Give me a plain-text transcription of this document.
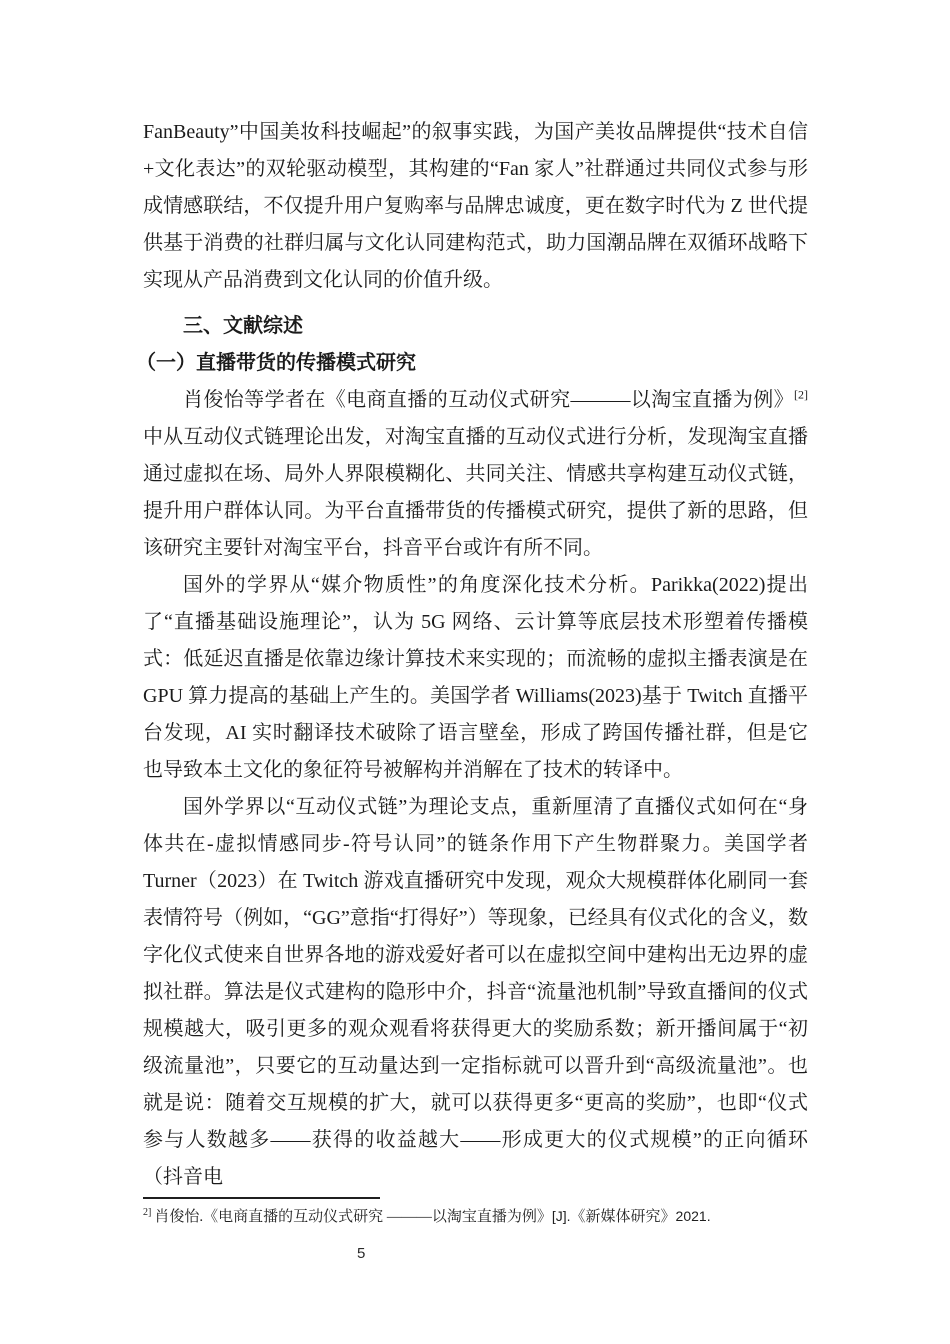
FanBeauty”中国美妆科技崛起”的叙事实践，为国产美妆品牌提供“技术自信+文化表达”的双轮驱动模型，其构建的“Fan 家人”社群通过共同仪式参与形成情感联结，不仅提升用户复购率与品牌忠诚度，更在数字时代为 Z 世代提供基于消费的社群归属与文化认同建构范式，助力国潮品牌在双循环战略下实现从产品消费到文化认同的价值升级。

三、文献综述
（一）直播带货的传播模式研究

肖俊怡等学者在《电商直播的互动仪式研究———以淘宝直播为例》[2]中从互动仪式链理论出发，对淘宝直播的互动仪式进行分析，发现淘宝直播通过虚拟在场、局外人界限模糊化、共同关注、情感共享构建互动仪式链，提升用户群体认同。为平台直播带货的传播模式研究，提供了新的思路，但该研究主要针对淘宝平台，抖音平台或许有所不同。

国外的学界从“媒介物质性”的角度深化技术分析。Parikka(2022)提出了“直播基础设施理论”，认为 5G 网络、云计算等底层技术形塑着传播模式：低延迟直播是依靠边缘计算技术来实现的；而流畅的虚拟主播表演是在 GPU 算力提高的基础上产生的。美国学者 Williams(2023)基于 Twitch 直播平台发现，AI 实时翻译技术破除了语言壁垒，形成了跨国传播社群，但是它也导致本土文化的象征符号被解构并消解在了技术的转译中。

国外学界以“互动仪式链”为理论支点，重新厘清了直播仪式如何在“身体共在-虚拟情感同步-符号认同”的链条作用下产生物群聚力。美国学者Turner（2023）在 Twitch 游戏直播研究中发现，观众大规模群体化刷同一套表情符号（例如，“GG”意指“打得好”）等现象，已经具有仪式化的含义，数字化仪式使来自世界各地的游戏爱好者可以在虚拟空间中建构出无边界的虚拟社群。算法是仪式建构的隐形中介，抖音“流量池机制”导致直播间的仪式规模越大，吸引更多的观众观看将获得更大的奖励系数；新开播间属于“初级流量池”，只要它的互动量达到一定指标就可以晋升到“高级流量池”。也就是说：随着交互规模的扩大，就可以获得更多“更高的奖励”，也即“仪式参与人数越多——获得的收益越大——形成更大的仪式规模”的正向循环（抖音电

$^{2]}$ 肖俊怡.《电商直播的互动仪式研究 ———以淘宝直播为例》[J].《新媒体研究》2021.

5
